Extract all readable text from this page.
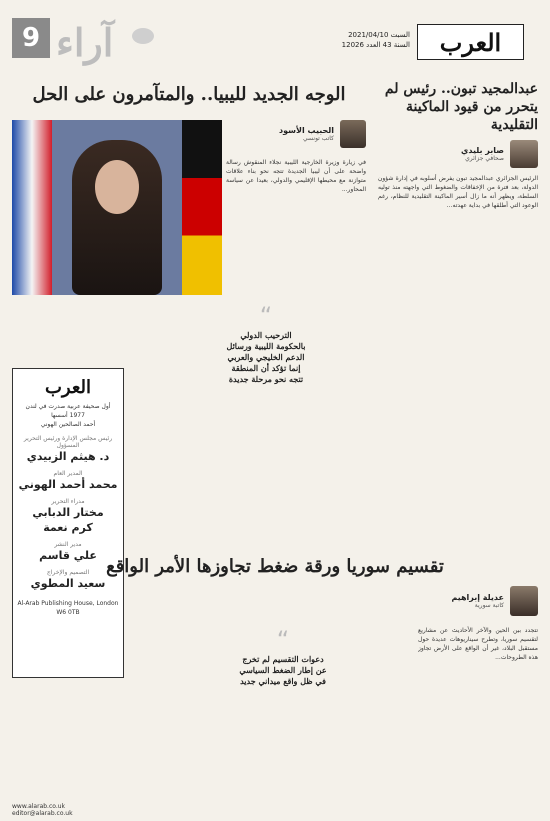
العرب
السبت 2021/04/10
السنة 43 العدد 12026
آراء
9
عبدالمجيد تبون.. رئيس لم يتحرر من قيود الماكينة التقليدية
صابر بليدي
صحافي جزائري
الرئيس الجزائري عبدالمجيد تبون يفرض أسلوبه في إدارة شؤون الدولة، بعد فترة من الإخفاقات والضغوط التي واجهته منذ توليه السلطة، ويظهر أنه ما زال أسير الماكينة التقليدية للنظام، رغم الوعود التي أطلقها في بداية عهدته...
الوجه الجديد لليبيا.. والمتآمرون على الحل
الحبيب الأسود
كاتب تونسي
في زيارة وزيرة الخارجية الليبية نجلاء المنقوش رسالة واضحة على أن ليبيا الجديدة تتجه نحو بناء علاقات متوازنة مع محيطها الإقليمي والدولي، بعيدا عن سياسة المحاور...
“
الترحيب الدولي بالحكومة الليبية ورسائل الدعم الخليجي والعربي إنما تؤكد أن المنطقة تتجه نحو مرحلة جديدة
العرب
أول صحيفة عربية صدرت في لندن
1977 أسسها
أحمد الصالحين الهوني
رئيس مجلس الإدارة ورئيس التحرير المسؤول
د. هيثم الزبيدي
المدير العام
محمد أحمد الهوني
مدراء التحرير
مختار الدبابي
كرم نعمة
مدير النشر
علي قاسم
التصميم والإخراج
سعيد المطوي
Al-Arab Publishing House, London W6 0TB
تقسيم سوريا ورقة ضغط تجاوزها الأمر الواقع
عديلة إبراهيم
كاتبة سورية
تتجدد بين الحين والآخر الأحاديث عن مشاريع لتقسيم سوريا، وتطرح سيناريوهات عديدة حول مستقبل البلاد، غير أن الواقع على الأرض تجاوز هذه الطروحات...
“
دعوات التقسيم لم تخرج عن إطار الضغط السياسي في ظل واقع ميداني جديد
www.alarab.co.uk
editor@alarab.co.uk
